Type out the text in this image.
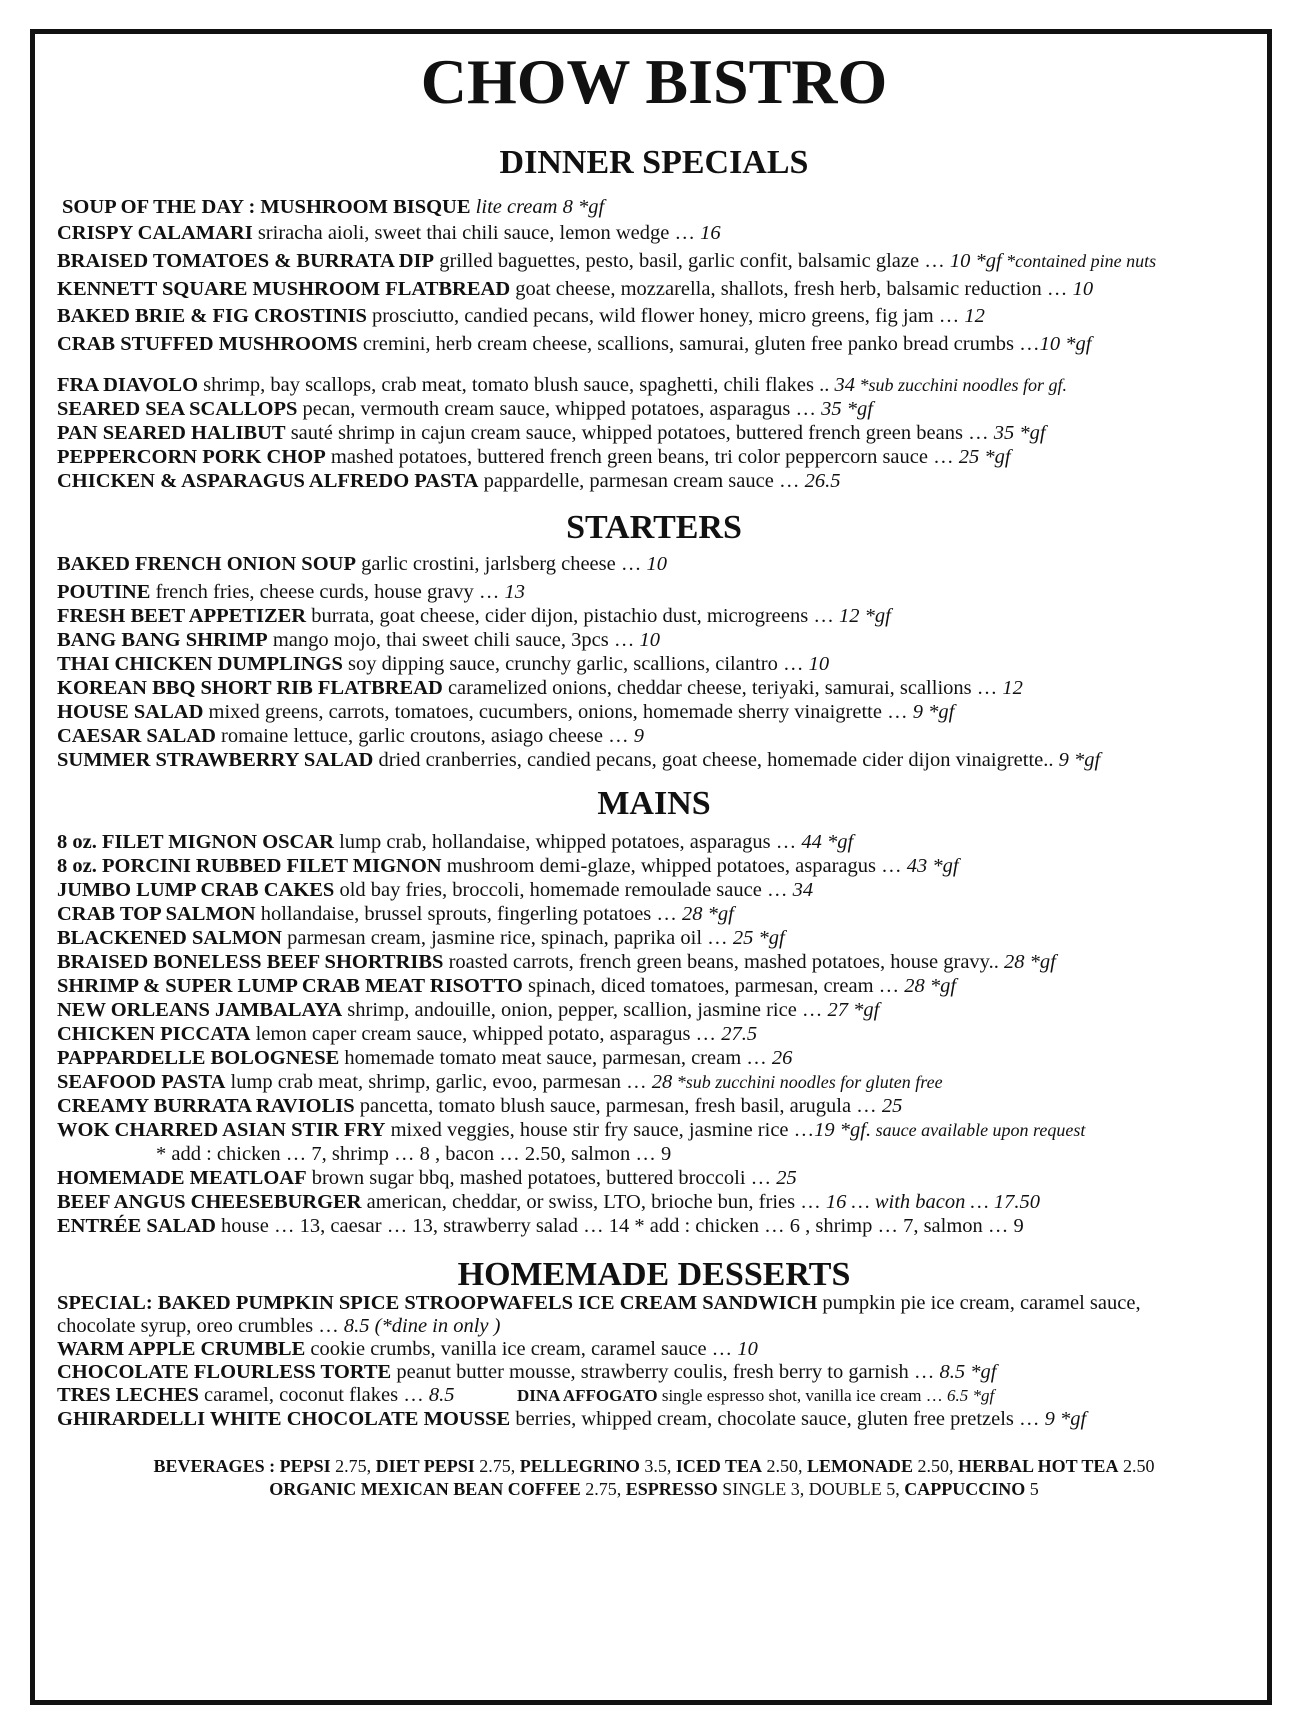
CHOW BISTRO
DINNER SPECIALS
SOUP OF THE DAY : MUSHROOM BISQUE lite cream 8 *gf
CRISPY CALAMARI sriracha aioli, sweet thai chili sauce, lemon wedge … 16
BRAISED TOMATOES & BURRATA DIP grilled baguettes, pesto, basil, garlic confit, balsamic glaze … 10 *gf *contained pine nuts
KENNETT SQUARE MUSHROOM FLATBREAD goat cheese, mozzarella, shallots, fresh herb, balsamic reduction … 10
BAKED BRIE & FIG CROSTINIS prosciutto, candied pecans, wild flower honey, micro greens, fig jam … 12
CRAB STUFFED MUSHROOMS cremini, herb cream cheese, scallions, samurai, gluten free panko bread crumbs …10 *gf
FRA DIAVOLO shrimp, bay scallops, crab meat, tomato blush sauce, spaghetti, chili flakes .. 34 *sub zucchini noodles for gf.
SEARED SEA SCALLOPS pecan, vermouth cream sauce, whipped potatoes, asparagus … 35 *gf
PAN SEARED HALIBUT sauté shrimp in cajun cream sauce, whipped potatoes, buttered french green beans … 35 *gf
PEPPERCORN PORK CHOP mashed potatoes, buttered french green beans, tri color peppercorn sauce … 25 *gf
CHICKEN & ASPARAGUS ALFREDO PASTA pappardelle, parmesan cream sauce … 26.5
STARTERS
BAKED FRENCH ONION SOUP garlic crostini, jarlsberg cheese … 10
POUTINE french fries, cheese curds, house gravy … 13
FRESH BEET APPETIZER burrata, goat cheese, cider dijon, pistachio dust, microgreens … 12 *gf
BANG BANG SHRIMP mango mojo, thai sweet chili sauce, 3pcs … 10
THAI CHICKEN DUMPLINGS soy dipping sauce, crunchy garlic, scallions, cilantro … 10
KOREAN BBQ SHORT RIB FLATBREAD caramelized onions, cheddar cheese, teriyaki, samurai, scallions … 12
HOUSE SALAD mixed greens, carrots, tomatoes, cucumbers, onions, homemade sherry vinaigrette … 9 *gf
CAESAR SALAD romaine lettuce, garlic croutons, asiago cheese … 9
SUMMER STRAWBERRY SALAD dried cranberries, candied pecans, goat cheese, homemade cider dijon vinaigrette.. 9 *gf
MAINS
8 oz. FILET MIGNON OSCAR lump crab, hollandaise, whipped potatoes, asparagus … 44 *gf
8 oz. PORCINI RUBBED FILET MIGNON mushroom demi-glaze, whipped potatoes, asparagus … 43 *gf
JUMBO LUMP CRAB CAKES old bay fries, broccoli, homemade remoulade sauce … 34
CRAB TOP SALMON hollandaise, brussel sprouts, fingerling potatoes … 28 *gf
BLACKENED SALMON parmesan cream, jasmine rice, spinach, paprika oil … 25 *gf
BRAISED BONELESS BEEF SHORTRIBS roasted carrots, french green beans, mashed potatoes, house gravy.. 28 *gf
SHRIMP & SUPER LUMP CRAB MEAT RISOTTO spinach, diced tomatoes, parmesan, cream … 28 *gf
NEW ORLEANS JAMBALAYA shrimp, andouille, onion, pepper, scallion, jasmine rice … 27 *gf
CHICKEN PICCATA lemon caper cream sauce, whipped potato, asparagus … 27.5
PAPPARDELLE BOLOGNESE homemade tomato meat sauce, parmesan, cream … 26
SEAFOOD PASTA lump crab meat, shrimp, garlic, evoo, parmesan … 28 *sub zucchini noodles for gluten free
CREAMY BURRATA RAVIOLIS pancetta, tomato blush sauce, parmesan, fresh basil, arugula … 25
WOK CHARRED ASIAN STIR FRY mixed veggies, house stir fry sauce, jasmine rice …19 *gf. sauce available upon request
* add : chicken … 7, shrimp … 8 , bacon … 2.50, salmon … 9
HOMEMADE MEATLOAF brown sugar bbq, mashed potatoes, buttered broccoli … 25
BEEF ANGUS CHEESEBURGER american, cheddar, or swiss, LTO, brioche bun, fries … 16 … with bacon … 17.50
ENTRÉE SALAD house … 13, caesar … 13, strawberry salad … 14 * add : chicken … 6 , shrimp … 7, salmon … 9
HOMEMADE DESSERTS
SPECIAL: BAKED PUMPKIN SPICE STROOPWAFELS ICE CREAM SANDWICH pumpkin pie ice cream, caramel sauce,
chocolate syrup, oreo crumbles … 8.5 (*dine in only )
WARM APPLE CRUMBLE cookie crumbs, vanilla ice cream, caramel sauce … 10
CHOCOLATE FLOURLESS TORTE peanut butter mousse, strawberry coulis, fresh berry to garnish … 8.5 *gf
TRES LECHES caramel, coconut flakes … 8.5	DINA AFFOGATO single espresso shot, vanilla ice cream … 6.5 *gf
GHIRARDELLI WHITE CHOCOLATE MOUSSE berries, whipped cream, chocolate sauce, gluten free pretzels … 9 *gf
BEVERAGES : PEPSI 2.75, DIET PEPSI 2.75, PELLEGRINO 3.5, ICED TEA 2.50, LEMONADE 2.50, HERBAL HOT TEA 2.50
ORGANIC MEXICAN BEAN COFFEE 2.75, ESPRESSO SINGLE 3, DOUBLE 5, CAPPUCCINO 5
